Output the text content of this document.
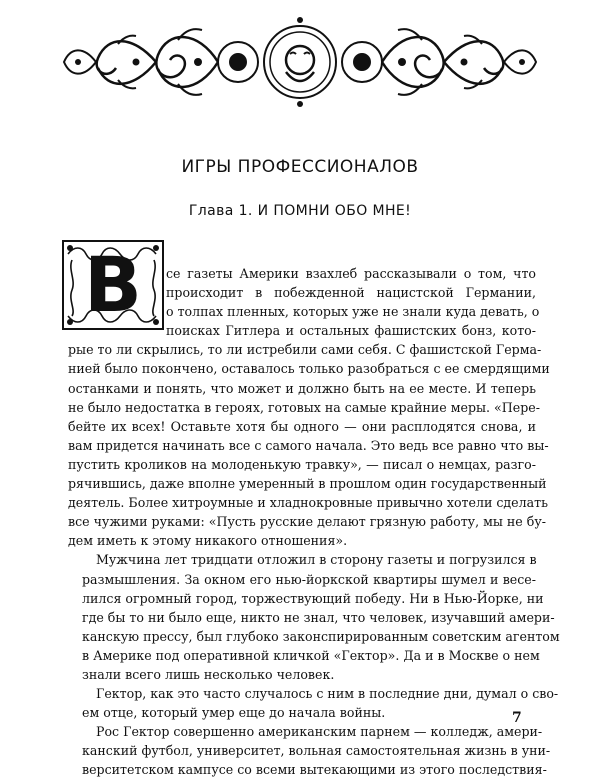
ИГРЫ ПРОФЕССИОНАЛОВ
Глава 1. И ПОМНИ ОБО МНЕ!
В	се газеты Америки взахлеб рассказывали о том, что
происходит в побежденной нацистской Германии,
о толпах пленных, которых уже не знали куда девать, о
поисках Гитлера и остальных фашистских бонз, кото-
рые то ли скрылись, то ли истребили сами себя. С фашистской Герма-
нией было покончено, оставалось только разобраться с ее смердящими
останками и понять, что может и должно быть на ее месте. И теперь
не было недостатка в героях, готовых на самые крайние меры. «Пере-
бейте их всех! Оставьте хотя бы одного — они расплодятся снова, и
вам придется начинать все с самого начала. Это ведь все равно что вы-
пустить кроликов на молоденькую травку», — писал о немцах, разго-
рячившись, даже вполне умеренный в прошлом один государственный
деятель. Более хитроумные и хладнокровные привычно хотели сделать
все чужими руками: «Пусть русские делают грязную работу, мы не бу-
дем иметь к этому никакого отношения».

Мужчина лет тридцати отложил в сторону газеты и погрузился в
размышления. За окном его нью-йоркской квартиры шумел и весе-
лился огромный город, торжествующий победу. Ни в Нью-Йорке, ни
где бы то ни было еще, никто не знал, что человек, изучавший амери-
канскую прессу, был глубоко законспирированным советским агентом
в Америке под оперативной кличкой «Гектор». Да и в Москве о нем
знали всего лишь несколько человек.

Гектор, как это часто случалось с ним в последние дни, думал о сво-
ем отце, который умер еще до начала войны.

Рос Гектор совершенно американским парнем — колледж, амери-
канский футбол, университет, вольная самостоятельная жизнь в уни-
верситетском кампусе со всеми вытекающими из этого последствия-

7
